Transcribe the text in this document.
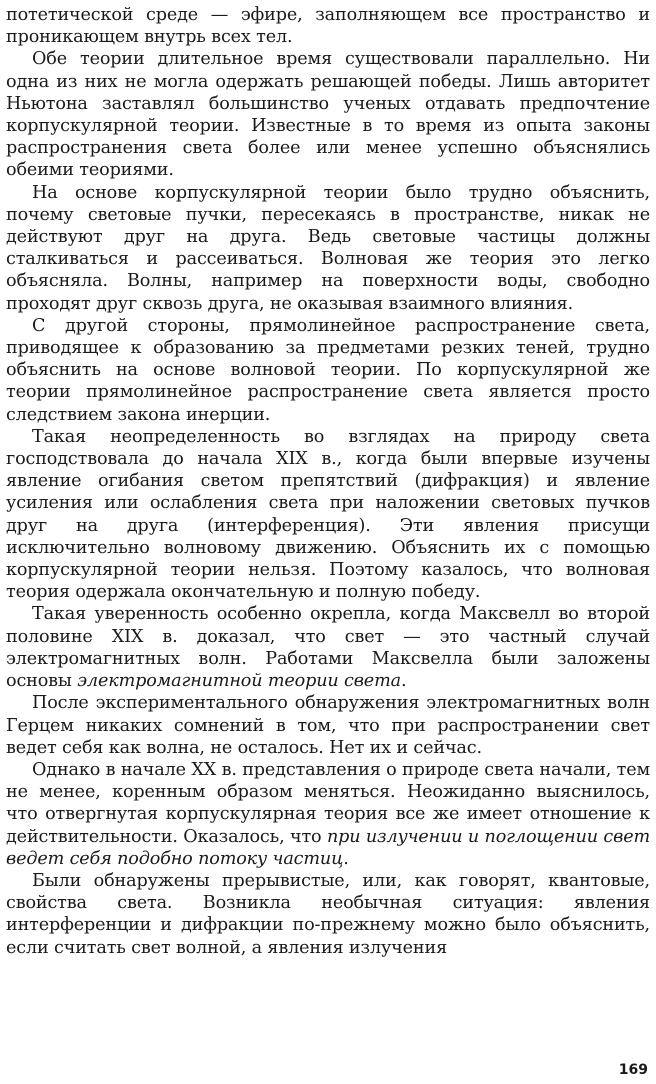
потетической среде — эфире, заполняющем все пространство и проникающем внутрь всех тел.

Обе теории длительное время существовали параллельно. Ни одна из них не могла одержать решающей победы. Лишь авторитет Ньютона заставлял большинство ученых отдавать предпочтение корпускулярной теории. Известные в то время из опыта законы распространения света более или менее успешно объяснялись обеими теориями.

На основе корпускулярной теории было трудно объяснить, почему световые пучки, пересекаясь в пространстве, никак не действуют друг на друга. Ведь световые частицы должны сталкиваться и рассеиваться. Волновая же теория это легко объясняла. Волны, например на поверхности воды, свободно проходят друг сквозь друга, не оказывая взаимного влияния.

С другой стороны, прямолинейное распространение света, приводящее к образованию за предметами резких теней, трудно объяснить на основе волновой теории. По корпускулярной же теории прямолинейное распространение света является просто следствием закона инерции.

Такая неопределенность во взглядах на природу света господствовала до начала XIX в., когда были впервые изучены явление огибания светом препятствий (дифракция) и явление усиления или ослабления света при наложении световых пучков друг на друга (интерференция). Эти явления присущи исключительно волновому движению. Объяснить их с помощью корпускулярной теории нельзя. Поэтому казалось, что волновая теория одержала окончательную и полную победу.

Такая уверенность особенно окрепла, когда Максвелл во второй половине XIX в. доказал, что свет — это частный случай электромагнитных волн. Работами Максвелла были заложены основы электромагнитной теории света.

После экспериментального обнаружения электромагнитных волн Герцем никаких сомнений в том, что при распространении свет ведет себя как волна, не осталось. Нет их и сейчас.

Однако в начале XX в. представления о природе света начали, тем не менее, коренным образом меняться. Неожиданно выяснилось, что отвергнутая корпускулярная теория все же имеет отношение к действительности. Оказалось, что при излучении и поглощении свет ведет себя подобно потоку частиц.

Были обнаружены прерывистые, или, как говорят, квантовые, свойства света. Возникла необычная ситуация: явления интерференции и дифракции по-прежнему можно было объяснить, если считать свет волной, а явления излучения

169
